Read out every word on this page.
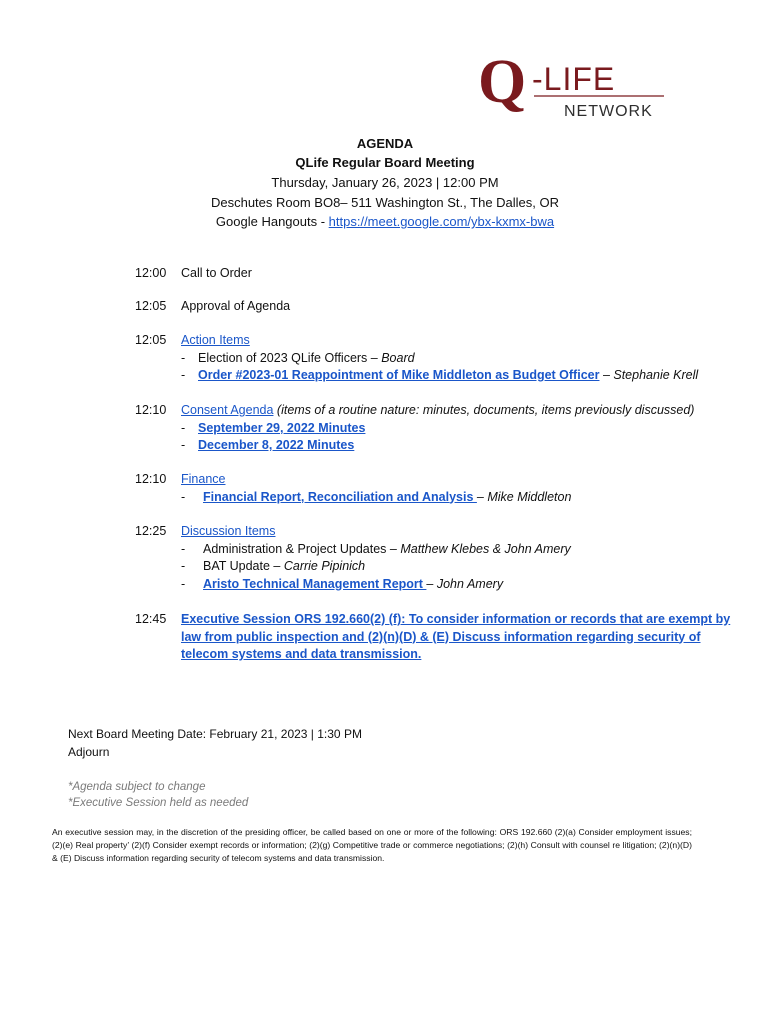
Q -LIFE
NETWORK
AGENDA
QLife Regular Board Meeting
Thursday, January 26, 2023 | 12:00 PM
Deschutes Room BO8– 511 Washington St., The Dalles, OR
Google Hangouts - https://meet.google.com/ybx-kxmx-bwa
12:00 Call to Order
12:05 Approval of Agenda
12:05 Action Items
- Election of 2023 QLife Officers – Board
- Order #2023-01 Reappointment of Mike Middleton as Budget Officer – Stephanie Krell
12:10 Consent Agenda (items of a routine nature: minutes, documents, items previously discussed)
- September 29, 2022 Minutes
- December 8, 2022 Minutes
12:10 Finance
- Financial Report, Reconciliation and Analysis – Mike Middleton
12:25 Discussion Items
- Administration & Project Updates – Matthew Klebes & John Amery
- BAT Update – Carrie Pipinich
- Aristo Technical Management Report – John Amery
12:45 Executive Session ORS 192.660(2) (f): To consider information or records that are exempt by
law from public inspection and (2)(n)(D) & (E) Discuss information regarding security of
telecom systems and data transmission.
Next Board Meeting Date: February 21, 2023 | 1:30 PM
Adjourn
*Agenda subject to change
*Executive Session held as needed
An executive session may, in the discretion of the presiding officer, be called based on one or more of the following: ORS 192.660 (2)(a) Consider employment issues; (2)(e) Real property’ (2)(f) Consider exempt records or information; (2)(g) Competitive trade or commerce negotiations; (2)(h) Consult with counsel re litigation; (2)(n)(D) & (E) Discuss information regarding security of telecom systems and data transmission.
